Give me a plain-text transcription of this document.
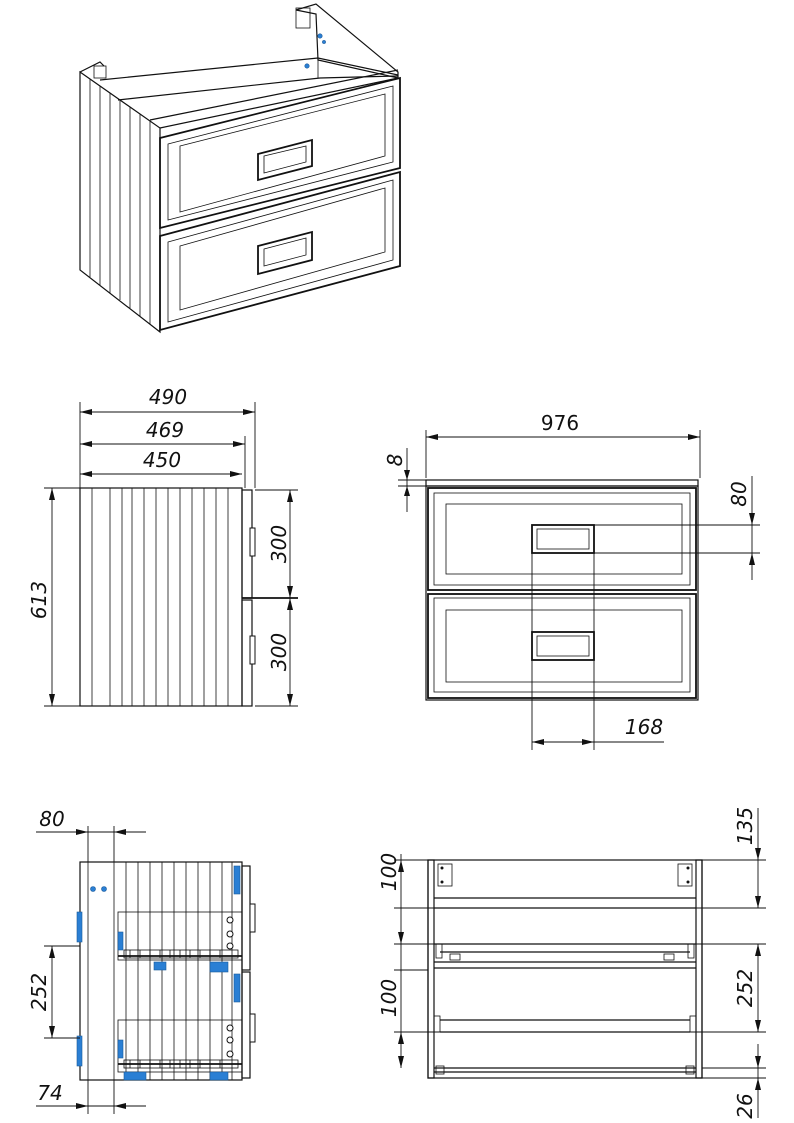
490
469
450
613
300
300
976
8
80
168
80
252
74
100
100
135
252
26
